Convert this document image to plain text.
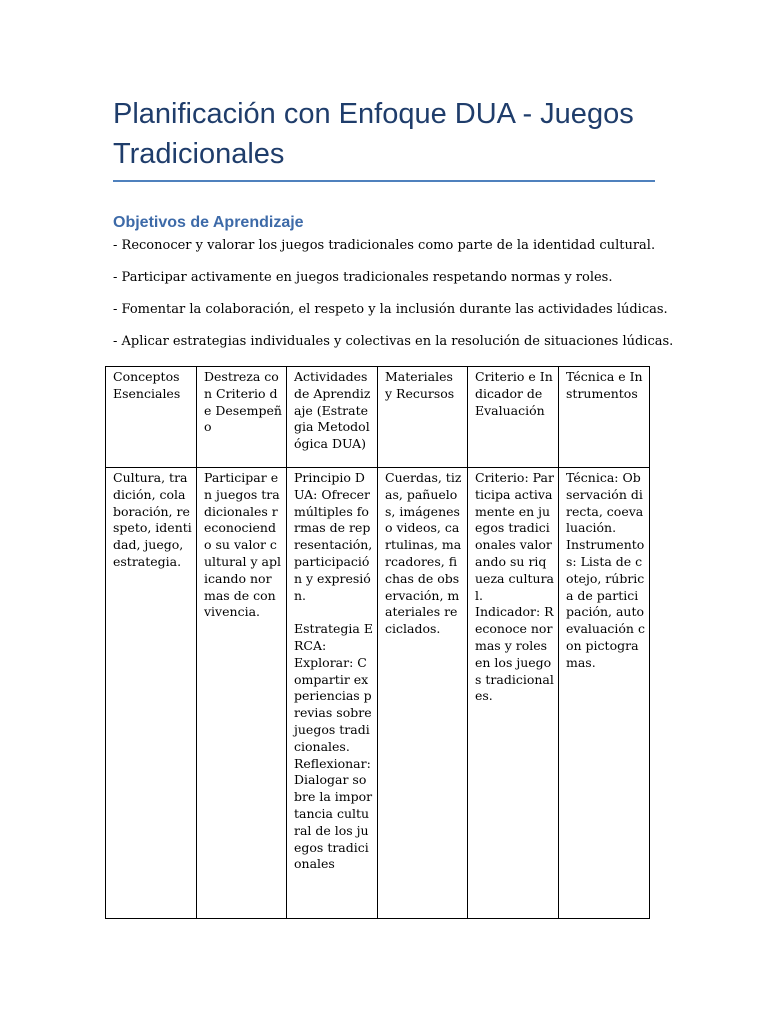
Planificación con Enfoque DUA - Juegos Tradicionales
Objetivos de Aprendizaje
- Reconocer y valorar los juegos tradicionales como parte de la identidad cultural.
- Participar activamente en juegos tradicionales respetando normas y roles.
- Fomentar la colaboración, el respeto y la inclusión durante las actividades lúdicas.
- Aplicar estrategias individuales y colectivas en la resolución de situaciones lúdicas.
Conceptos Esenciales	Destreza con Criterio de Desempeño	Actividades de Aprendizaje (Estrategia Metodológica DUA)	Materiales y Recursos	Criterio e Indicador de Evaluación	Técnica e Instrumentos

Cultura, tradición, colaboración, respeto, identidad, juego, estrategia.	Participar en juegos tradicionales reconociendo su valor cultural y aplicando normas de convivencia.	Principio DUA: Ofrecer múltiples formas de representación, participación y expresión.

Estrategia ERCA:
Explorar: Compartir experiencias previas sobre juegos tradicionales.
Reflexionar: Dialogar sobre la importancia cultural de los juegos tradicionales	Cuerdas, tizas, pañuelos, imágenes o videos, cartulinas, marcadores, fichas de observación, materiales reciclados.	Criterio: Participa activamente en juegos tradicionales valorando su riqueza cultural.
Indicador: Reconoce normas y roles en los juegos tradicionales.	Técnica: Observación directa, coevaluación.
Instrumentos: Lista de cotejo, rúbrica de participación, autoevaluación con pictogramas.
